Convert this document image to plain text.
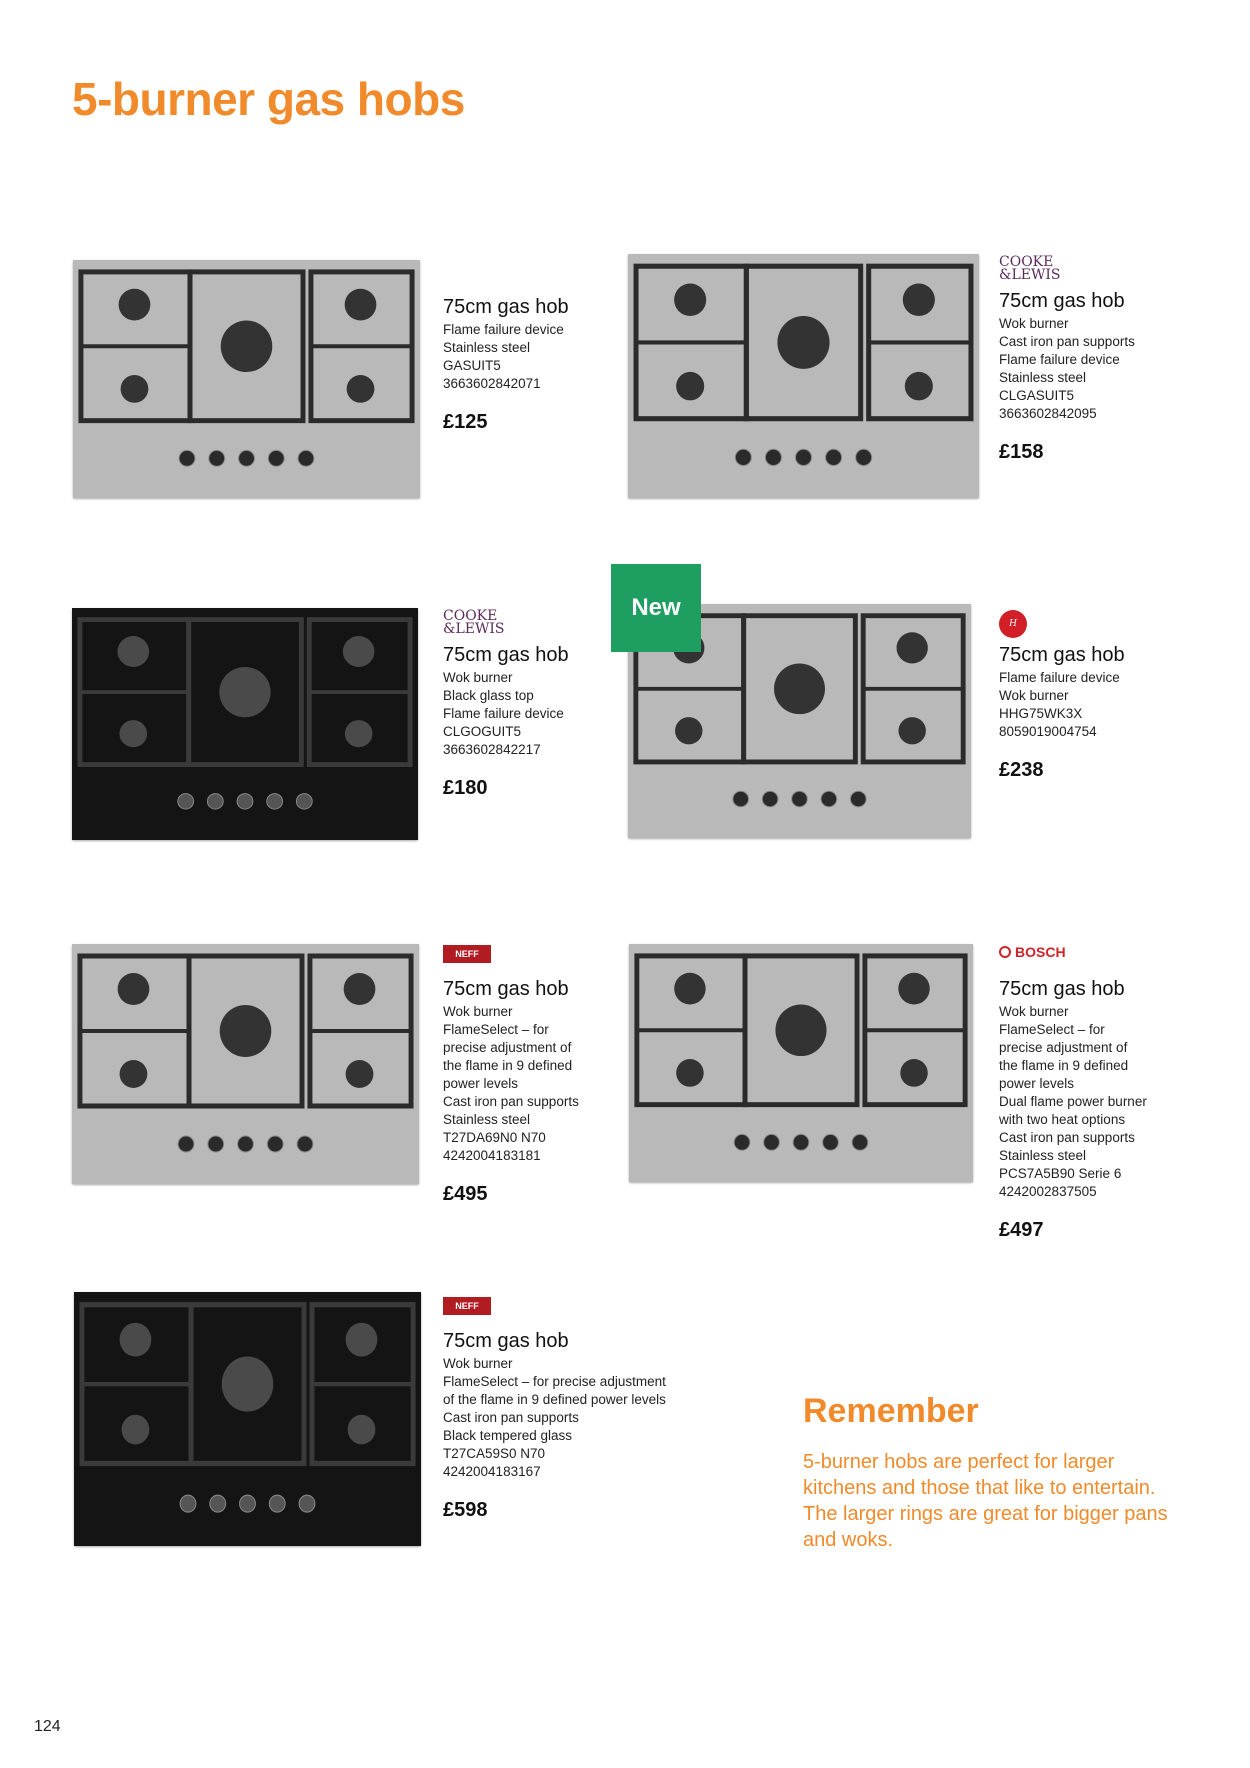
5-burner gas hobs
75cm gas hob
Flame failure device
Stainless steel
GASUIT5
3663602842071
£125
COOKE
&LEWIS
75cm gas hob
Wok burner
Cast iron pan supports
Flame failure device
Stainless steel
CLGASUIT5
3663602842095
£158
COOKE
&LEWIS
75cm gas hob
Wok burner
Black glass top
Flame failure device
CLGOGUIT5
3663602842217
£180
New
H
75cm gas hob
Flame failure device
Wok burner
HHG75WK3X
8059019004754
£238
NEFF
75cm gas hob
Wok burner
FlameSelect – for
precise adjustment of
the flame in 9 defined
power levels
Cast iron pan supports
Stainless steel
T27DA69N0 N70
4242004183181
£495
BOSCH
75cm gas hob
Wok burner
FlameSelect – for
precise adjustment of
the flame in 9 defined
power levels
Dual flame power burner
with two heat options
Cast iron pan supports
Stainless steel
PCS7A5B90 Serie 6
4242002837505
£497
NEFF
75cm gas hob
Wok burner
FlameSelect – for precise adjustment
of the flame in 9 defined power levels
Cast iron pan supports
Black tempered glass
T27CA59S0 N70
4242004183167
£598
Remember

5-burner hobs are perfect for larger kitchens and those that like to entertain. The larger rings are great for bigger pans and woks.

124
